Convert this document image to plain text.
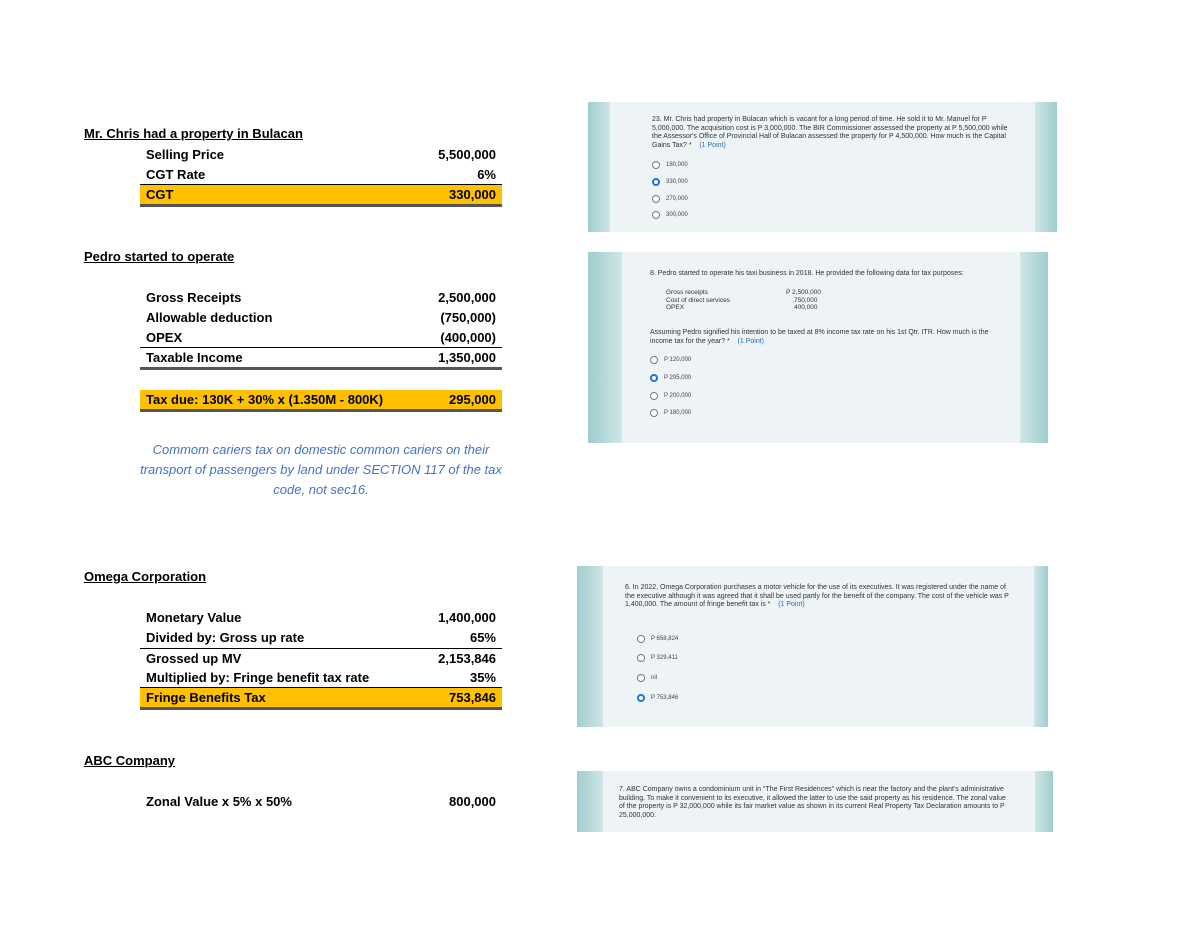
Mr. Chris had a property in Bulacan
Selling Price	5,500,000
CGT Rate	6%
CGT	330,000
Pedro started to operate
Gross Receipts	2,500,000
Allowable deduction	(750,000)
OPEX	(400,000)
Taxable Income	1,350,000
Tax due: 130K + 30% x (1.350M - 800K)	295,000
Commom cariers tax on domestic common cariers on their transport of passengers by land under SECTION 117 of the tax code, not sec16.
Omega Corporation
Monetary Value	1,400,000
Divided by: Gross up rate	65%
Grossed up MV	2,153,846
Multiplied by: Fringe benefit tax rate	35%
Fringe Benefits Tax	753,846
ABC Company
Zonal Value x 5% x 50%	800,000
23. Mr. Chris had property in Bulacan which is vacant for a long period of time. He sold it to Mr. Manuel for P 5,000,000. The acquisition cost is P 3,000,000. The BIR Commissioner assessed the property at P 5,500,000 while the Assessor's Office of Provincial Hall of Bulacan assessed the property for P 4,500,000. How much is the Capital Gains Tax? * (1 Point)
180,000
330,000
270,000
300,000
8. Pedro started to operate his taxi business in 2018. He provided the following data for tax purposes:
Gross receipts	P 2,500,000
Cost of direct services	750,000
OPEX	400,000
Assuming Pedro signified his intention to be taxed at 8% income tax rate on his 1st Qtr. ITR. How much is the income tax for the year? * (1 Point)
P 120,000
P 295,000
P 200,000
P 180,000
6. In 2022, Omega Corporation purchases a motor vehicle for the use of its executives. It was registered under the name of the executive although it was agreed that it shall be used partly for the benefit of the company. The cost of the vehicle was P 1,400,000. The amount of fringe benefit tax is * (1 Point)
P 658,824
P 329,411
nil
P 753,846
7. ABC Company owns a condominium unit in "The First Residences" which is near the factory and the plant's administrative building. To make it convenient to its executive, it allowed the latter to use the said property as his residence. The zonal value of the property is P 32,000,000 while its fair market value as shown in its current Real Property Tax Declaration amounts to P 25,000,000.
